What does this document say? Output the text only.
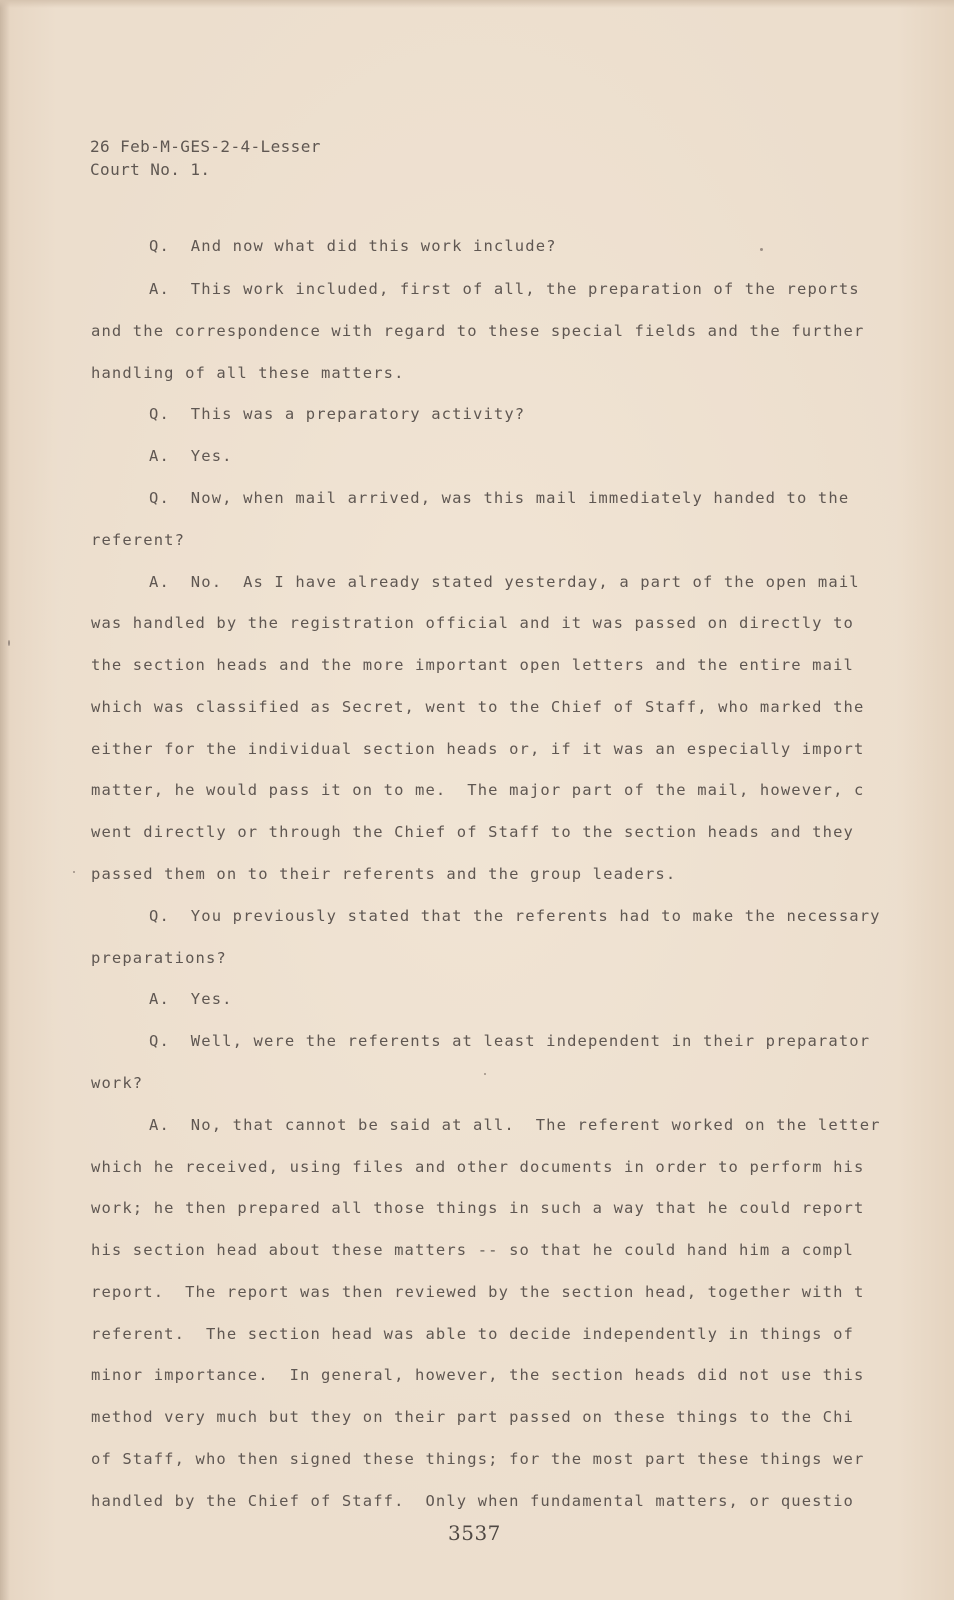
26 Feb-M-GES-2-4-Lesser
Court No. 1.
Q.  And now what did this work include?
A.  This work included, first of all, the preparation of the reports
and the correspondence with regard to these special fields and the further
handling of all these matters.
Q.  This was a preparatory activity?
A.  Yes.
Q.  Now, when mail arrived, was this mail immediately handed to the
referent?
A.  No.  As I have already stated yesterday, a part of the open mail
was handled by the registration official and it was passed on directly to
the section heads and the more important open letters and the entire mail
which was classified as Secret, went to the Chief of Staff, who marked the
either for the individual section heads or, if it was an especially import
matter, he would pass it on to me.  The major part of the mail, however, c
went directly or through the Chief of Staff to the section heads and they
passed them on to their referents and the group leaders.
Q.  You previously stated that the referents had to make the necessary
preparations?
A.  Yes.
Q.  Well, were the referents at least independent in their preparator
work?
A.  No, that cannot be said at all.  The referent worked on the letter
which he received, using files and other documents in order to perform his
work; he then prepared all those things in such a way that he could report
his section head about these matters -- so that he could hand him a compl
report.  The report was then reviewed by the section head, together with t
referent.  The section head was able to decide independently in things of
minor importance.  In general, however, the section heads did not use this
method very much but they on their part passed on these things to the Chi
of Staff, who then signed these things; for the most part these things wer
handled by the Chief of Staff.  Only when fundamental matters, or questio
3537
